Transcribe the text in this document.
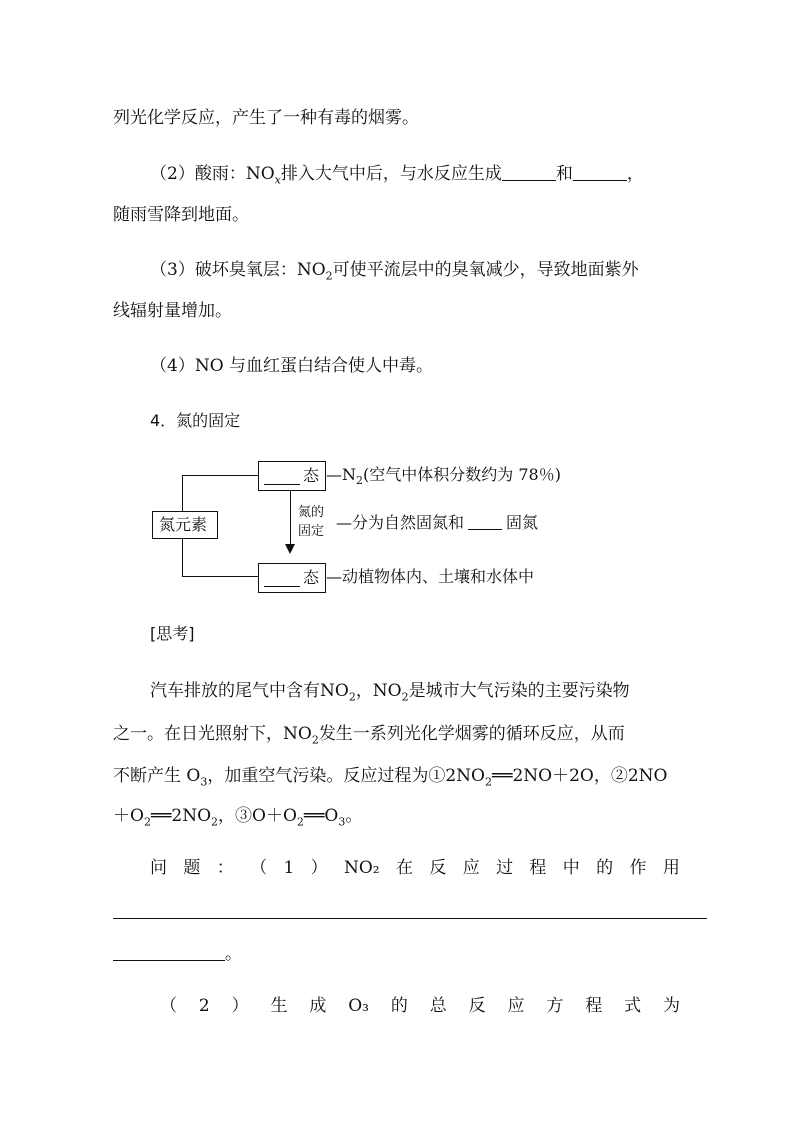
列光化学反应，产生了一种有毒的烟雾。
（2）酸雨：$NO_x$排入大气中后，与水反应生成	和	，
随雨雪降到地面。
（3）破坏臭氧层：$NO_2$可使平流层中的臭氧减少，导致地面紫外
线辐射量增加。
（4）NO 与血红蛋白结合使人中毒。
4．氮的固定
氮元素
态 $—N_2$(空气中体积分数约为 78％)
氮的
固定 —分为自然固氮和	固氮
态 —动植物体内、土壤和水体中
[思考]
汽车排放的尾气中含有$NO_2$，$NO_2$是城市大气污染的主要污染物
之一。在日光照射下，$NO_2$发生一系列光化学烟雾的循环反应，从而
不断产生 $O_3$，加重空气污染。反应过程为$①2NO_2══2NO+2O$，②2NO
$+O_2══2NO_2$，$③O+O_2══O_3$。
问 题 ： （ 1 ） NO₂ 在 反 应 过 程 中 的 作 用
。
（ 2 ） 生 成 O₃ 的 总 反 应 方 程 式 为
